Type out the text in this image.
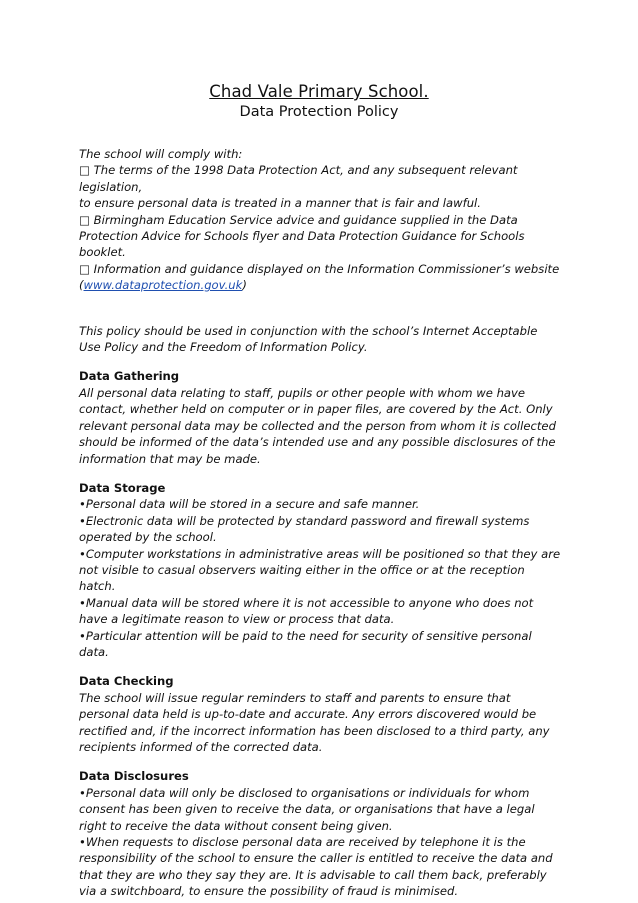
Chad Vale Primary School.
Data Protection Policy
The school will comply with:
□ The terms of the 1998 Data Protection Act, and any subsequent relevant legislation,
to ensure personal data is treated in a manner that is fair and lawful.
□ Birmingham Education Service advice and guidance supplied in the Data Protection Advice for Schools flyer and Data Protection Guidance for Schools booklet.
□ Information and guidance displayed on the Information Commissioner’s website
(www.dataprotection.gov.uk)
This policy should be used in conjunction with the school’s Internet Acceptable Use Policy and the Freedom of Information Policy.
Data Gathering
All personal data relating to staff, pupils or other people with whom we have contact, whether held on computer or in paper files, are covered by the Act. Only relevant personal data may be collected and the person from whom it is collected should be informed of the data’s intended use and any possible disclosures of the information that may be made.
Data Storage
•Personal data will be stored in a secure and safe manner.
•Electronic data will be protected by standard password and firewall systems operated by the school.
•Computer workstations in administrative areas will be positioned so that they are not visible to casual observers waiting either in the office or at the reception hatch.
•Manual data will be stored where it is not accessible to anyone who does not have a legitimate reason to view or process that data.
•Particular attention will be paid to the need for security of sensitive personal data.
Data Checking
The school will issue regular reminders to staff and parents to ensure that personal data held is up-to-date and accurate. Any errors discovered would be rectified and, if the incorrect information has been disclosed to a third party, any recipients informed of the corrected data.
Data Disclosures
•Personal data will only be disclosed to organisations or individuals for whom consent has been given to receive the data, or organisations that have a legal right to receive the data without consent being given.
•When requests to disclose personal data are received by telephone it is the responsibility of the school to ensure the caller is entitled to receive the data and that they are who they say they are. It is advisable to call them back, preferably via a switchboard, to ensure the possibility of fraud is minimised.
